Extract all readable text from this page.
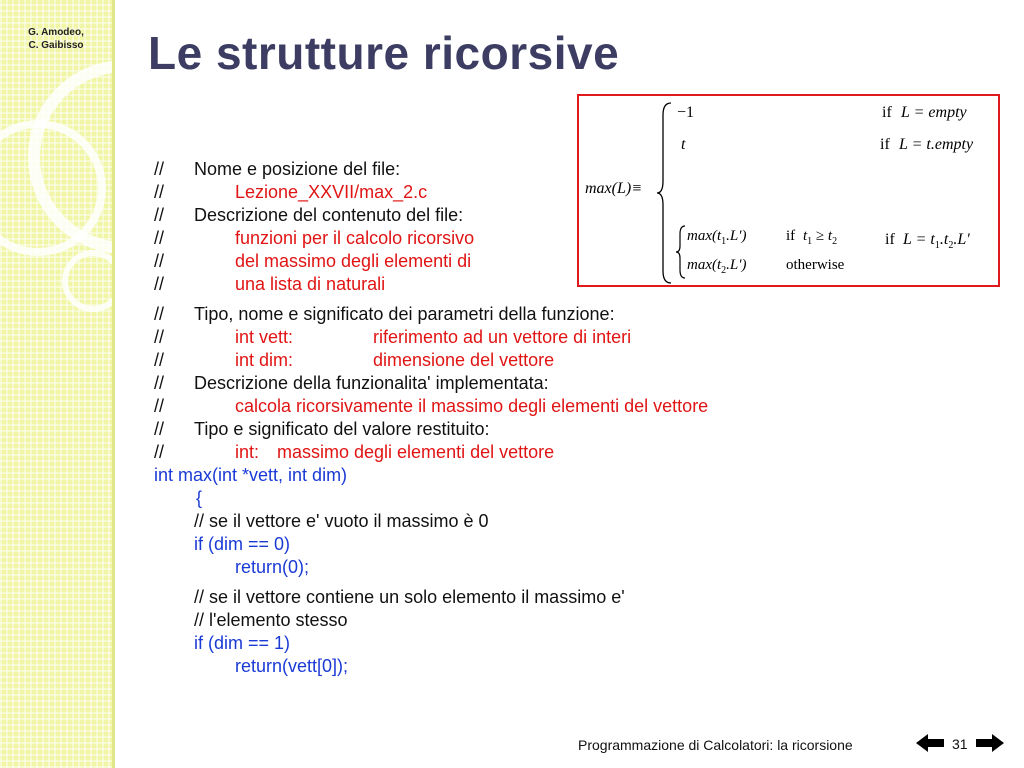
G. Amodeo,
C. Gaibisso	Le strutture ricorsive
max(L)≡
−1	if L = empty
t	if L = t.empty
$\max(t_1.L')$	if $t_1 \ge t_2$
$\max(t_2.L')$	otherwise
if $L = t_1.t_2.L'$
// Nome e posizione del file:
//	Lezione_XXVII/max_2.c
// Descrizione del contenuto del file:
//	funzioni per il calcolo ricorsivo
//	del massimo degli elementi di
//	una lista di naturali
// Tipo, nome e significato dei parametri della funzione:
//	int vett:	riferimento ad un vettore di interi
//	int dim:	dimensione del vettore
// Descrizione della funzionalita' implementata:
//	calcola ricorsivamente il massimo degli elementi del vettore
// Tipo e significato del valore restituito:
//	int: massimo degli elementi del vettore
int max(int *vett, int dim)
{
// se il vettore e' vuoto il massimo è 0
if (dim == 0)
return(0);
// se il vettore contiene un solo elemento il massimo e'
// l'elemento stesso
if (dim == 1)
return(vett[0]);
Programmazione di Calcolatori: la ricorsione	31
